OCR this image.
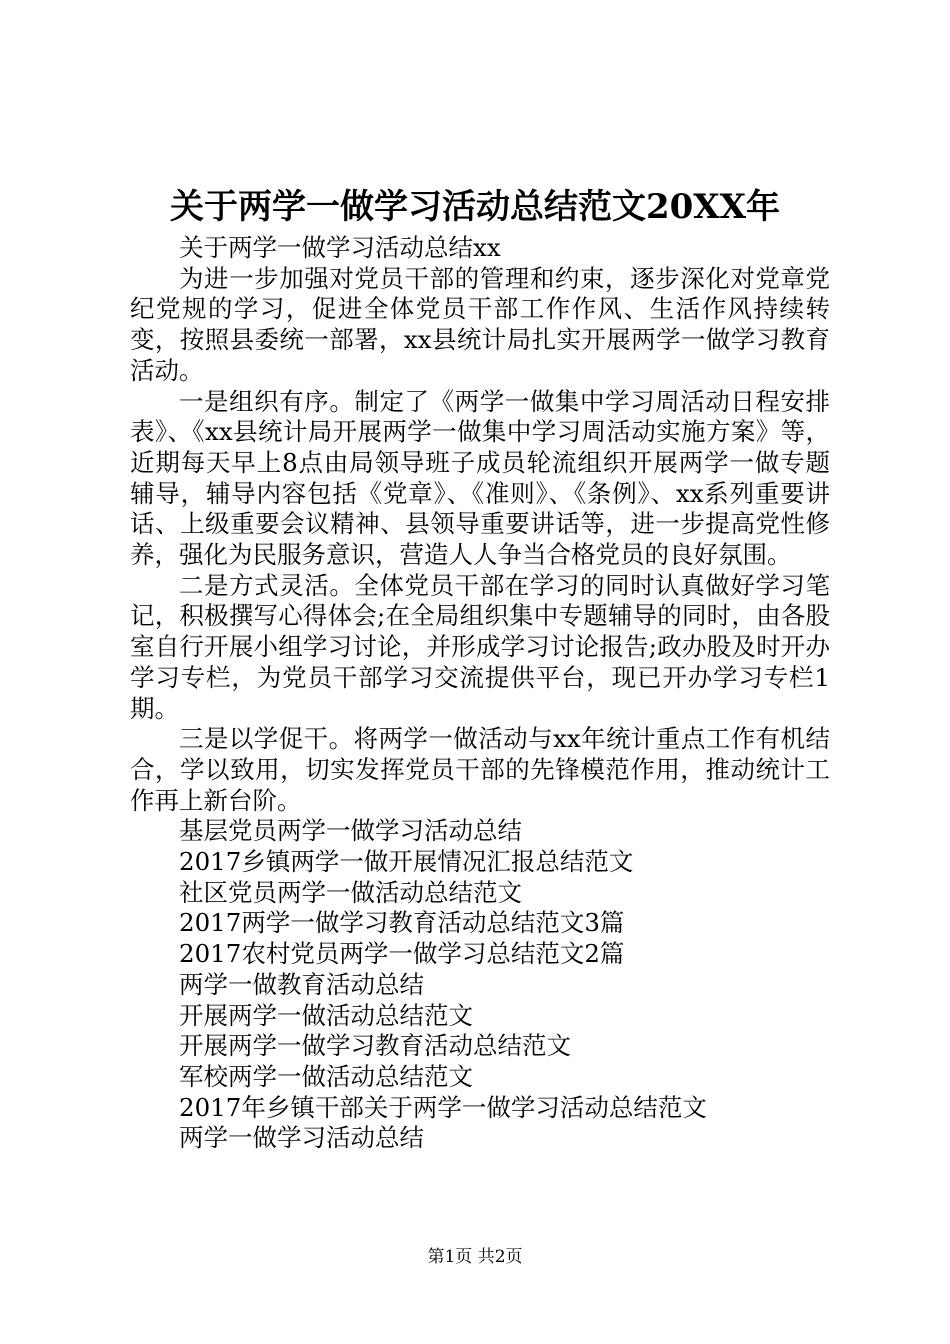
关于两学一做学习活动总结范文20XX年

关于两学一做学习活动总结xx

为进一步加强对党员干部的管理和约束，逐步深化对党章党纪党规的学习，促进全体党员干部工作作风、生活作风持续转变，按照县委统一部署，xx县统计局扎实开展两学一做学习教育活动。

一是组织有序。制定了《两学一做集中学习周活动日程安排表》、《xx县统计局开展两学一做集中学习周活动实施方案》等，近期每天早上8点由局领导班子成员轮流组织开展两学一做专题辅导，辅导内容包括《党章》、《准则》、《条例》、xx系列重要讲话、上级重要会议精神、县领导重要讲话等，进一步提高党性修养，强化为民服务意识，营造人人争当合格党员的良好氛围。

二是方式灵活。全体党员干部在学习的同时认真做好学习笔记，积极撰写心得体会;在全局组织集中专题辅导的同时，由各股室自行开展小组学习讨论，并形成学习讨论报告;政办股及时开办学习专栏，为党员干部学习交流提供平台，现已开办学习专栏1期。

三是以学促干。将两学一做活动与xx年统计重点工作有机结合，学以致用，切实发挥党员干部的先锋模范作用，推动统计工作再上新台阶。

基层党员两学一做学习活动总结
2017乡镇两学一做开展情况汇报总结范文
社区党员两学一做活动总结范文
2017两学一做学习教育活动总结范文3篇
2017农村党员两学一做学习总结范文2篇
两学一做教育活动总结
开展两学一做活动总结范文
开展两学一做学习教育活动总结范文
军校两学一做活动总结范文
2017年乡镇干部关于两学一做学习活动总结范文
两学一做学习活动总结
第1页 共2页
